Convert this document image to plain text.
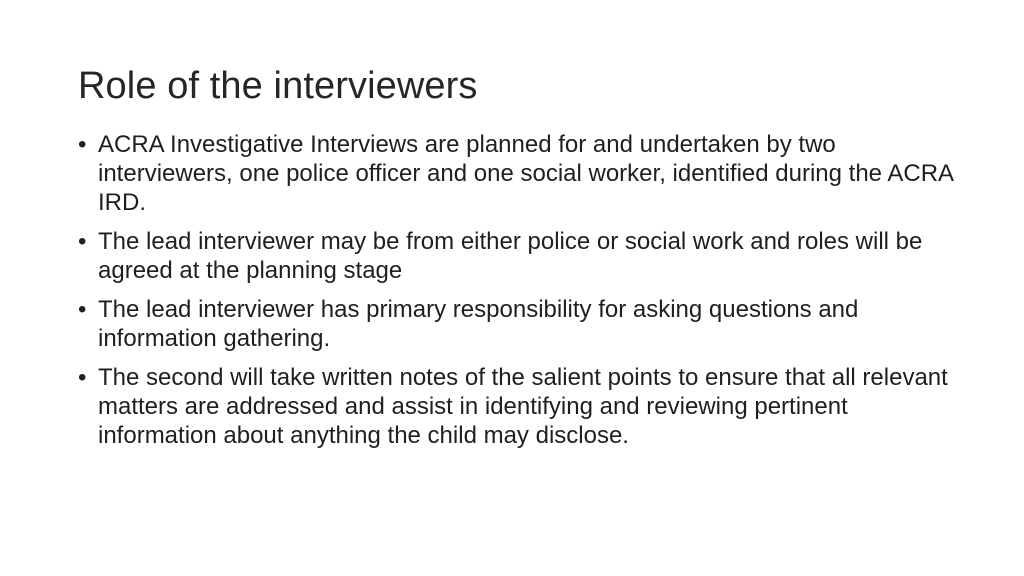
Role of the interviewers
• ACRA Investigative Interviews are planned for and undertaken by two interviewers, one police officer and one social worker, identified during the ACRA IRD.
• The lead interviewer may be from either police or social work and roles will be agreed at the planning stage
• The lead interviewer has primary responsibility for asking questions and information gathering.
• The second will take written notes of the salient points to ensure that all relevant matters are addressed and assist in identifying and reviewing pertinent information about anything the child may disclose.
